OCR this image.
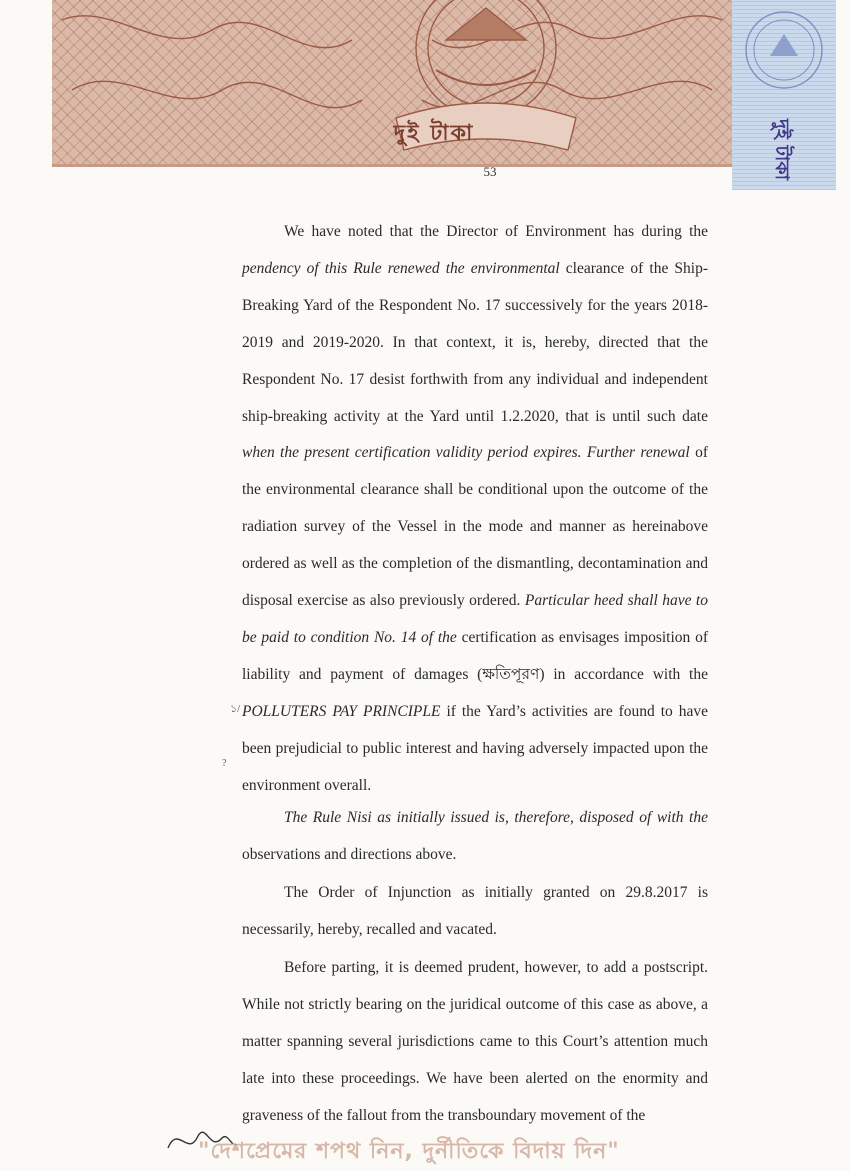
দুই টাকা	দুই টাকা
53

We have noted that the Director of Environment has during the pendency of this Rule renewed the environmental clearance of the Ship-Breaking Yard of the Respondent No. 17 successively for the years 2018-2019 and 2019-2020. In that context, it is, hereby, directed that the Respondent No. 17 desist forthwith from any individual and independent ship-breaking activity at the Yard until 1.2.2020, that is until such date when the present certification validity period expires. Further renewal of the environmental clearance shall be conditional upon the outcome of the radiation survey of the Vessel in the mode and manner as hereinabove ordered as well as the completion of the dismantling, decontamination and disposal exercise as also previously ordered. Particular heed shall have to be paid to condition No. 14 of the certification as envisages imposition of liability and payment of damages (ক্ষতিপূরণ) in accordance with the POLLUTERS PAY PRINCIPLE if the Yard’s activities are found to have been prejudicial to public interest and having adversely impacted upon the environment overall.

The Rule Nisi as initially issued is, therefore, disposed of with the observations and directions above.

The Order of Injunction as initially granted on 29.8.2017 is necessarily, hereby, recalled and vacated.

Before parting, it is deemed prudent, however, to add a postscript. While not strictly bearing on the juridical outcome of this case as above, a matter spanning several jurisdictions came to this Court’s attention much late into these proceedings. We have been alerted on the enormity and graveness of the fallout from the transboundary movement of the

?
১/
"দেশপ্রেমের শপথ নিন, দুর্নীতিকে বিদায় দিন"
